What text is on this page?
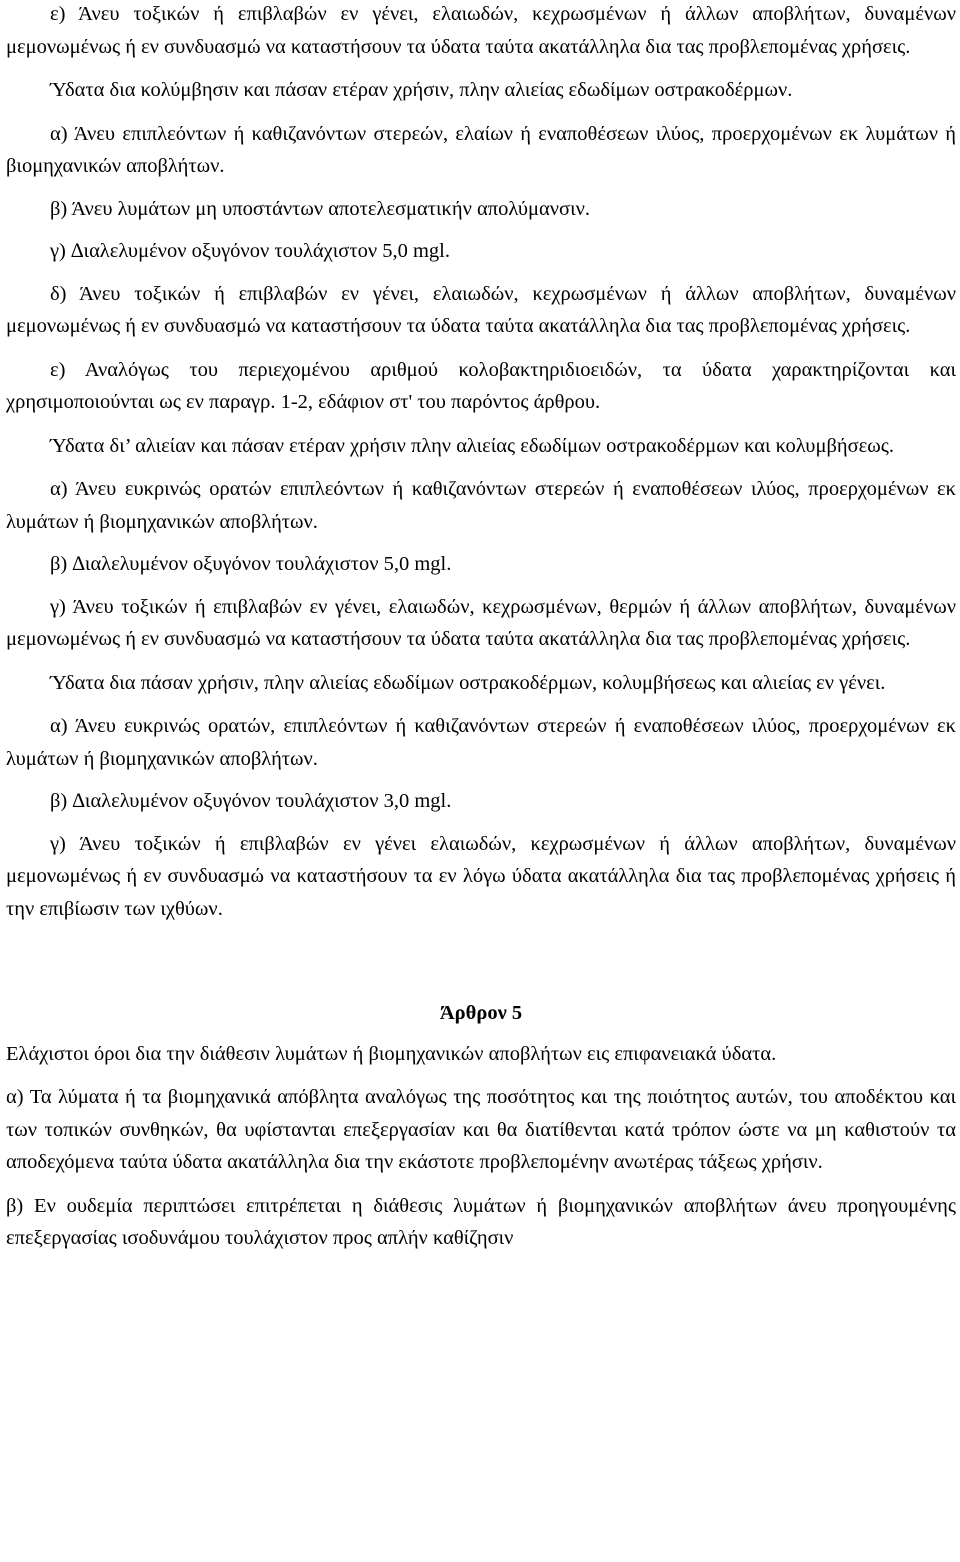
ε) Άνευ τοξικών ή επιβλαβών εν γένει, ελαιωδών, κεχρωσμένων ή άλλων αποβλήτων, δυναμένων μεμονωμένως ή εν συνδυασμώ να καταστήσουν τα ύδατα ταύτα ακατάλληλα δια τας προβλεπομένας χρήσεις.

Ύδατα δια κολύμβησιν και πάσαν ετέραν χρήσιν, πλην αλιείας εδωδίμων οστρακοδέρμων.

α) Άνευ επιπλεόντων ή καθιζανόντων στερεών, ελαίων ή εναποθέσεων ιλύος, προερχομένων εκ λυμάτων ή βιομηχανικών αποβλήτων.

β) Άνευ λυμάτων μη υποστάντων αποτελεσματικήν απολύμανσιν.

γ) ∆ιαλελυμένον οξυγόνον τουλάχιστον 5,0 mgl.

δ) Άνευ τοξικών ή επιβλαβών εν γένει, ελαιωδών, κεχρωσμένων ή άλλων αποβλήτων, δυναμένων μεμονωμένως ή εν συνδυασμώ να καταστήσουν τα ύδατα ταύτα ακατάλληλα δια τας προβλεπομένας χρήσεις.

ε) Αναλόγως του περιεχομένου αριθμού κολοβακτηριδιοειδών, τα ύδατα χαρακτηρίζονται και χρησιμοποιούνται ως εν παραγρ. 1-2, εδάφιον στ' του παρόντος άρθρου.

Ύδατα δι’ αλιείαν και πάσαν ετέραν χρήσιν πλην αλιείας εδωδίμων οστρακοδέρμων και κολυμβήσεως.

α) Άνευ ευκρινώς ορατών επιπλεόντων ή καθιζανόντων στερεών ή εναποθέσεων ιλύος, προερχομένων εκ λυμάτων ή βιομηχανικών αποβλήτων.

β) ∆ιαλελυμένον οξυγόνον τουλάχιστον 5,0 mgl.

γ) Άνευ τοξικών ή επιβλαβών εν γένει, ελαιωδών, κεχρωσμένων, θερμών ή άλλων αποβλήτων, δυναμένων μεμονωμένως ή εν συνδυασμώ να καταστήσουν τα ύδατα ταύτα ακατάλληλα δια τας προβλεπομένας χρήσεις.

Ύδατα δια πάσαν χρήσιν, πλην αλιείας εδωδίμων οστρακοδέρμων, κολυμβήσεως και αλιείας εν γένει.

α) Άνευ ευκρινώς ορατών, επιπλεόντων ή καθιζανόντων στερεών ή εναποθέσεων ιλύος, προερχομένων εκ λυμάτων ή βιομηχανικών αποβλήτων.

β) ∆ιαλελυμένον οξυγόνον τουλάχιστον 3,0 mgl.

γ) Άνευ τοξικών ή επιβλαβών εν γένει ελαιωδών, κεχρωσμένων ή άλλων αποβλήτων, δυναμένων μεμονωμένως ή εν συνδυασμώ να καταστήσουν τα εν λόγω ύδατα ακατάλληλα δια τας προβλεπομένας χρήσεις ή την επιβίωσιν των ιχθύων.

Άρθρον 5

Ελάχιστοι όροι δια την διάθεσιν λυμάτων ή βιομηχανικών αποβλήτων εις επιφανειακά ύδατα.

α) Τα λύματα ή τα βιομηχανικά απόβλητα αναλόγως της ποσότητος και της ποιότητος αυτών, του αποδέκτου και των τοπικών συνθηκών, θα υφίστανται επεξεργασίαν και θα διατίθενται κατά τρόπον ώστε να μη καθιστούν τα αποδεχόμενα ταύτα ύδατα ακατάλληλα δια την εκάστοτε προβλεπομένην ανωτέρας τάξεως χρήσιν.

β) Εν ουδεμία περιπτώσει επιτρέπεται η διάθεσις λυμάτων ή βιομηχανικών αποβλήτων άνευ προηγουμένης επεξεργασίας ισοδυνάμου τουλάχιστον προς απλήν καθίζησιν
